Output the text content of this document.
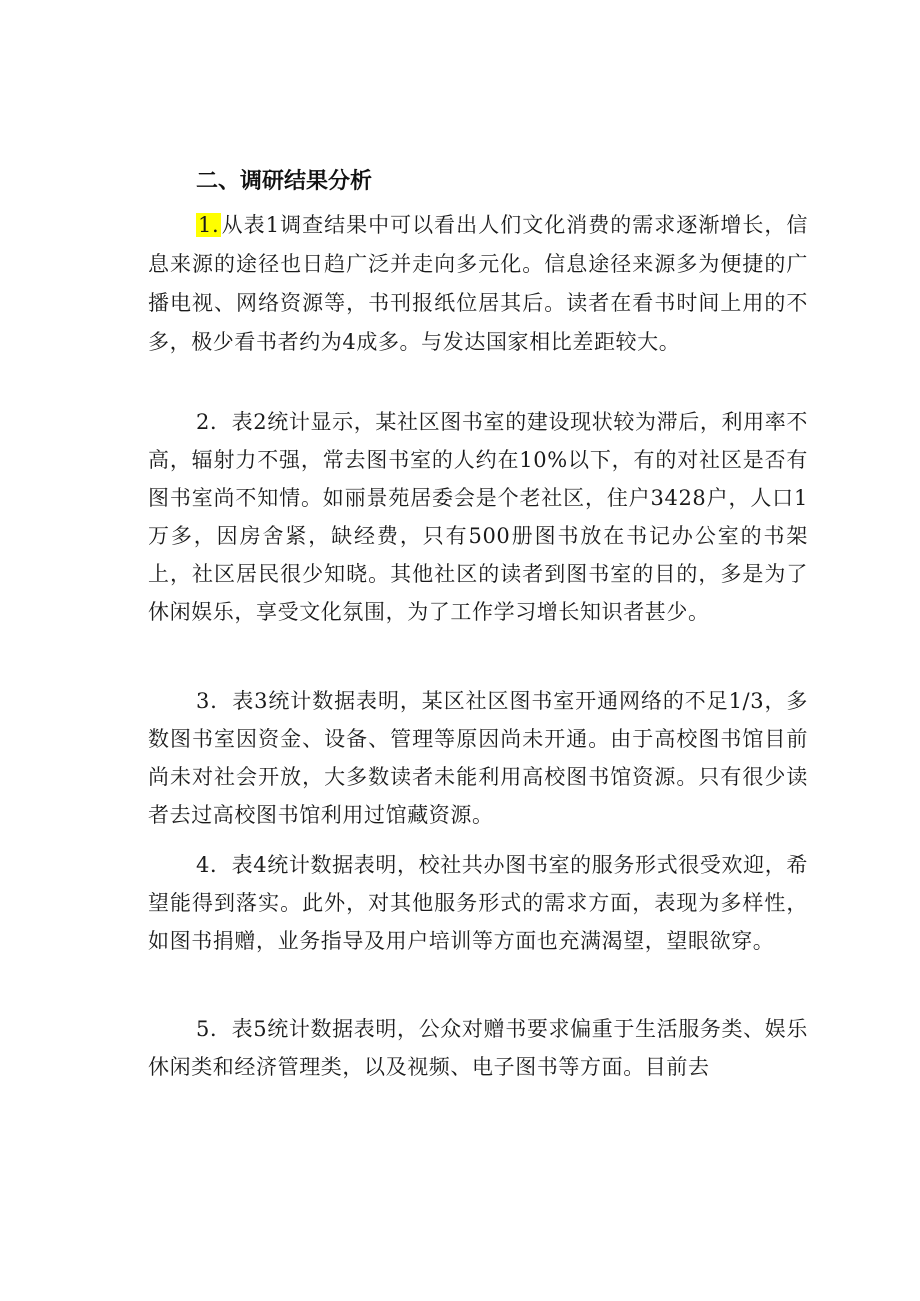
二、调研结果分析

1.从表1调查结果中可以看出人们文化消费的需求逐渐增长，信息来源的途径也日趋广泛并走向多元化。信息途径来源多为便捷的广播电视、网络资源等，书刊报纸位居其后。读者在看书时间上用的不多，极少看书者约为4成多。与发达国家相比差距较大。

2．表2统计显示，某社区图书室的建设现状较为滞后，利用率不高，辐射力不强，常去图书室的人约在10%以下，有的对社区是否有图书室尚不知情。如丽景苑居委会是个老社区，住户3428户，人口1万多，因房舍紧，缺经费，只有500册图书放在书记办公室的书架上，社区居民很少知晓。其他社区的读者到图书室的目的，多是为了休闲娱乐，享受文化氛围，为了工作学习增长知识者甚少。

3．表3统计数据表明，某区社区图书室开通网络的不足1/3，多数图书室因资金、设备、管理等原因尚未开通。由于高校图书馆目前尚未对社会开放，大多数读者未能利用高校图书馆资源。只有很少读者去过高校图书馆利用过馆藏资源。

4．表4统计数据表明，校社共办图书室的服务形式很受欢迎，希望能得到落实。此外，对其他服务形式的需求方面，表现为多样性，如图书捐赠，业务指导及用户培训等方面也充满渴望，望眼欲穿。

5．表5统计数据表明，公众对赠书要求偏重于生活服务类、娱乐休闲类和经济管理类，以及视频、电子图书等方面。目前去
